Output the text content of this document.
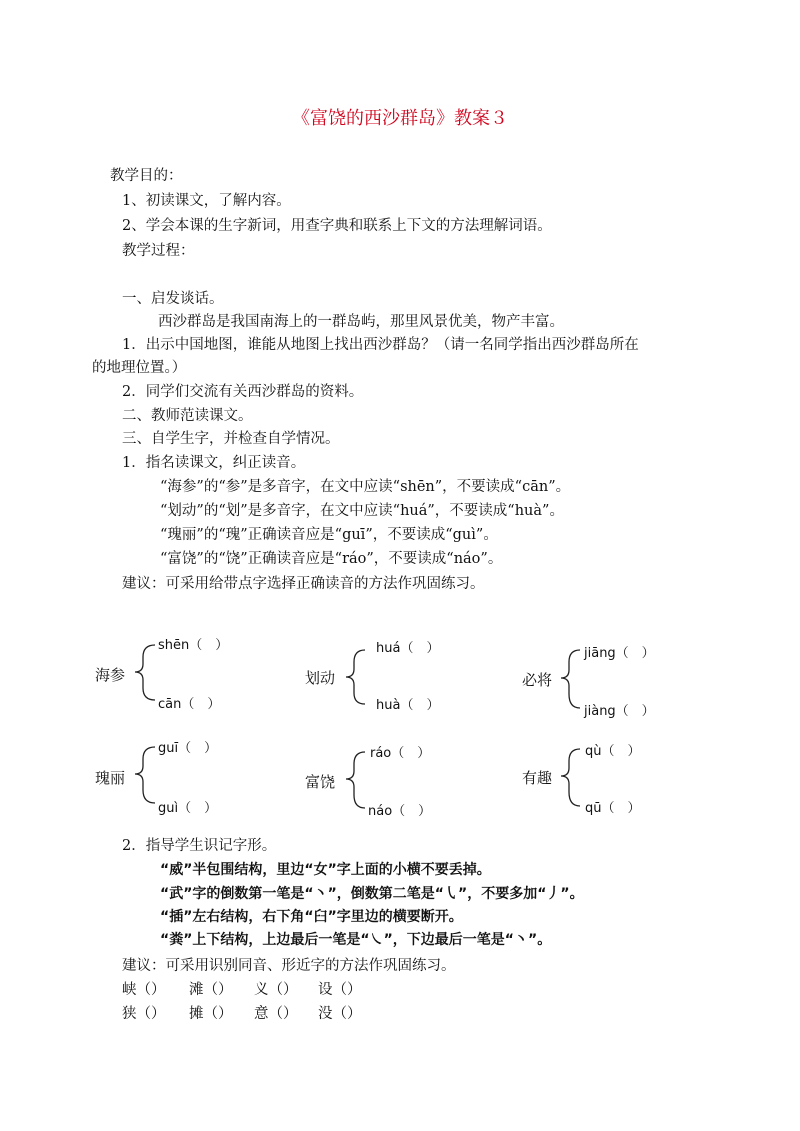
《富饶的西沙群岛》教案３
教学目的：
1、初读课文，了解内容。
2、学会本课的生字新词，用查字典和联系上下文的方法理解词语。
教学过程：
一、启发谈话。
西沙群岛是我国南海上的一群岛屿，那里风景优美，物产丰富。
1．出示中国地图，谁能从地图上找出西沙群岛？（请一名同学指出西沙群岛所在
的地理位置。）
2．同学们交流有关西沙群岛的资料。
二、教师范读课文。
三、自学生字，并检查自学情况。
1．指名读课文，纠正读音。
“海参”的“参”是多音字，在文中应读“shēn”，不要读成“cān”。
“划动”的“划”是多音字，在文中应读“huá”，不要读成“huà”。
“瑰丽”的“瑰”正确读音应是“guī”，不要读成“guì”。
“富饶”的“饶”正确读音应是“ráo”，不要读成“náo”。
建议：可采用给带点字选择正确读音的方法作巩固练习。
海参
shēn（　）
cān（　）
划动
huá（　）
huà（　）
必将
jiāng（　）
jiàng（　）
瑰丽
guī（　）
guì（　）
富饶
ráo（　）
náo（　）
有趣
qù（　）
qū（　）
2．指导学生识记字形。
“威”半包围结构，里边“女”字上面的小横不要丢掉。
“武”字的倒数第一笔是“丶”，倒数第二笔是“㇂”，不要多加“丿”。
“插”左右结构，右下角“臼”字里边的横要断开。
“粪”上下结构，上边最后一笔是“㇏”，下边最后一笔是“丶”。
建议：可采用识别同音、形近字的方法作巩固练习。
峡（） 滩（） 义（） 设（）
狭（） 摊（） 意（） 没（）
